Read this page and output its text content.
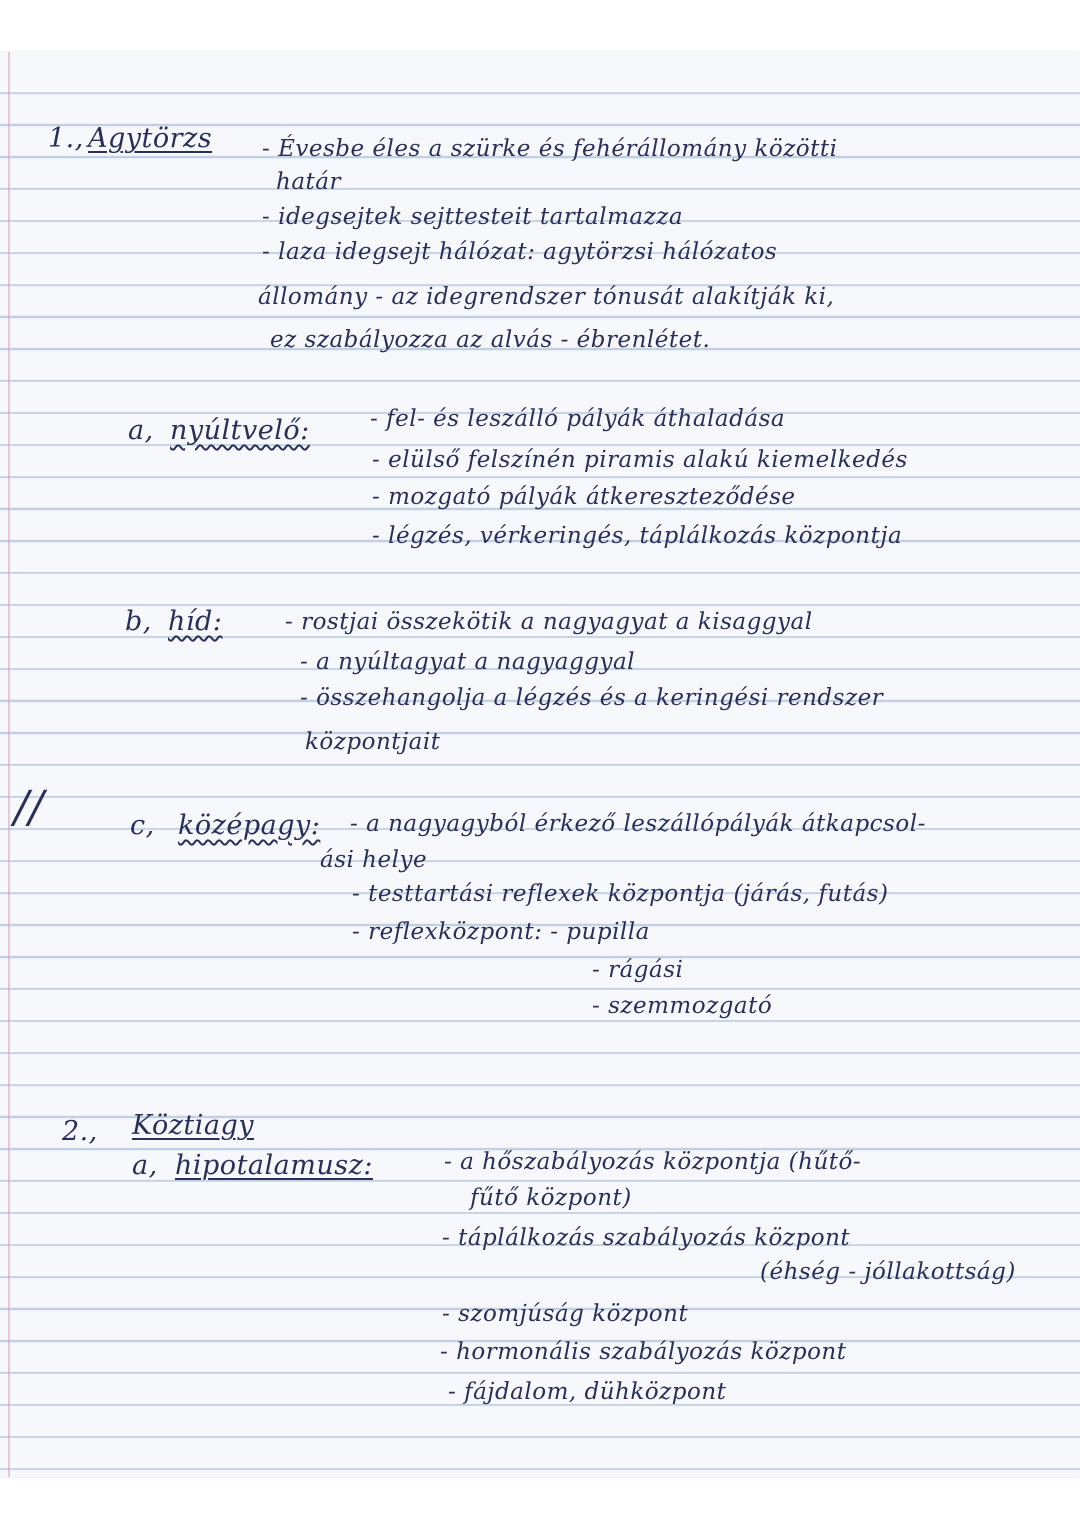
1., Agytörzs - Évesbe éles a szürke és fehérállomány közötti
határ
- idegsejtek sejttesteit tartalmazza
- laza idegsejt hálózat: agytörzsi hálózatos
állomány - az idegrendszer tónusát alakítják ki,
ez szabályozza az alvás - ébrenlétet.
a, nyúltvelő:	- fel- és leszálló pályák áthaladása
- elülső felszínén piramis alakú kiemelkedés
- mozgató pályák átkereszteződése
- légzés, vérkeringés, táplálkozás központja
b, híd:	- rostjai összekötik a nagyagyat a kisaggyal
- a nyúltagyat a nagyaggyal
- összehangolja a légzés és a keringési rendszer
központjait
//	c, középagy: - a nagyagyból érkező leszállópályák átkapcsol-
ási helye
- testtartási reflexek központja (járás, futás)
- reflexközpont: - pupilla
- rágási
- szemmozgató
2., Köztiagy
a, hipotalamusz:	- a hőszabályozás központja (hűtő-
fűtő központ)
- táplálkozás szabályozás központ
(éhség - jóllakottság)
- szomjúság központ
- hormonális szabályozás központ
- fájdalom, dühközpont
